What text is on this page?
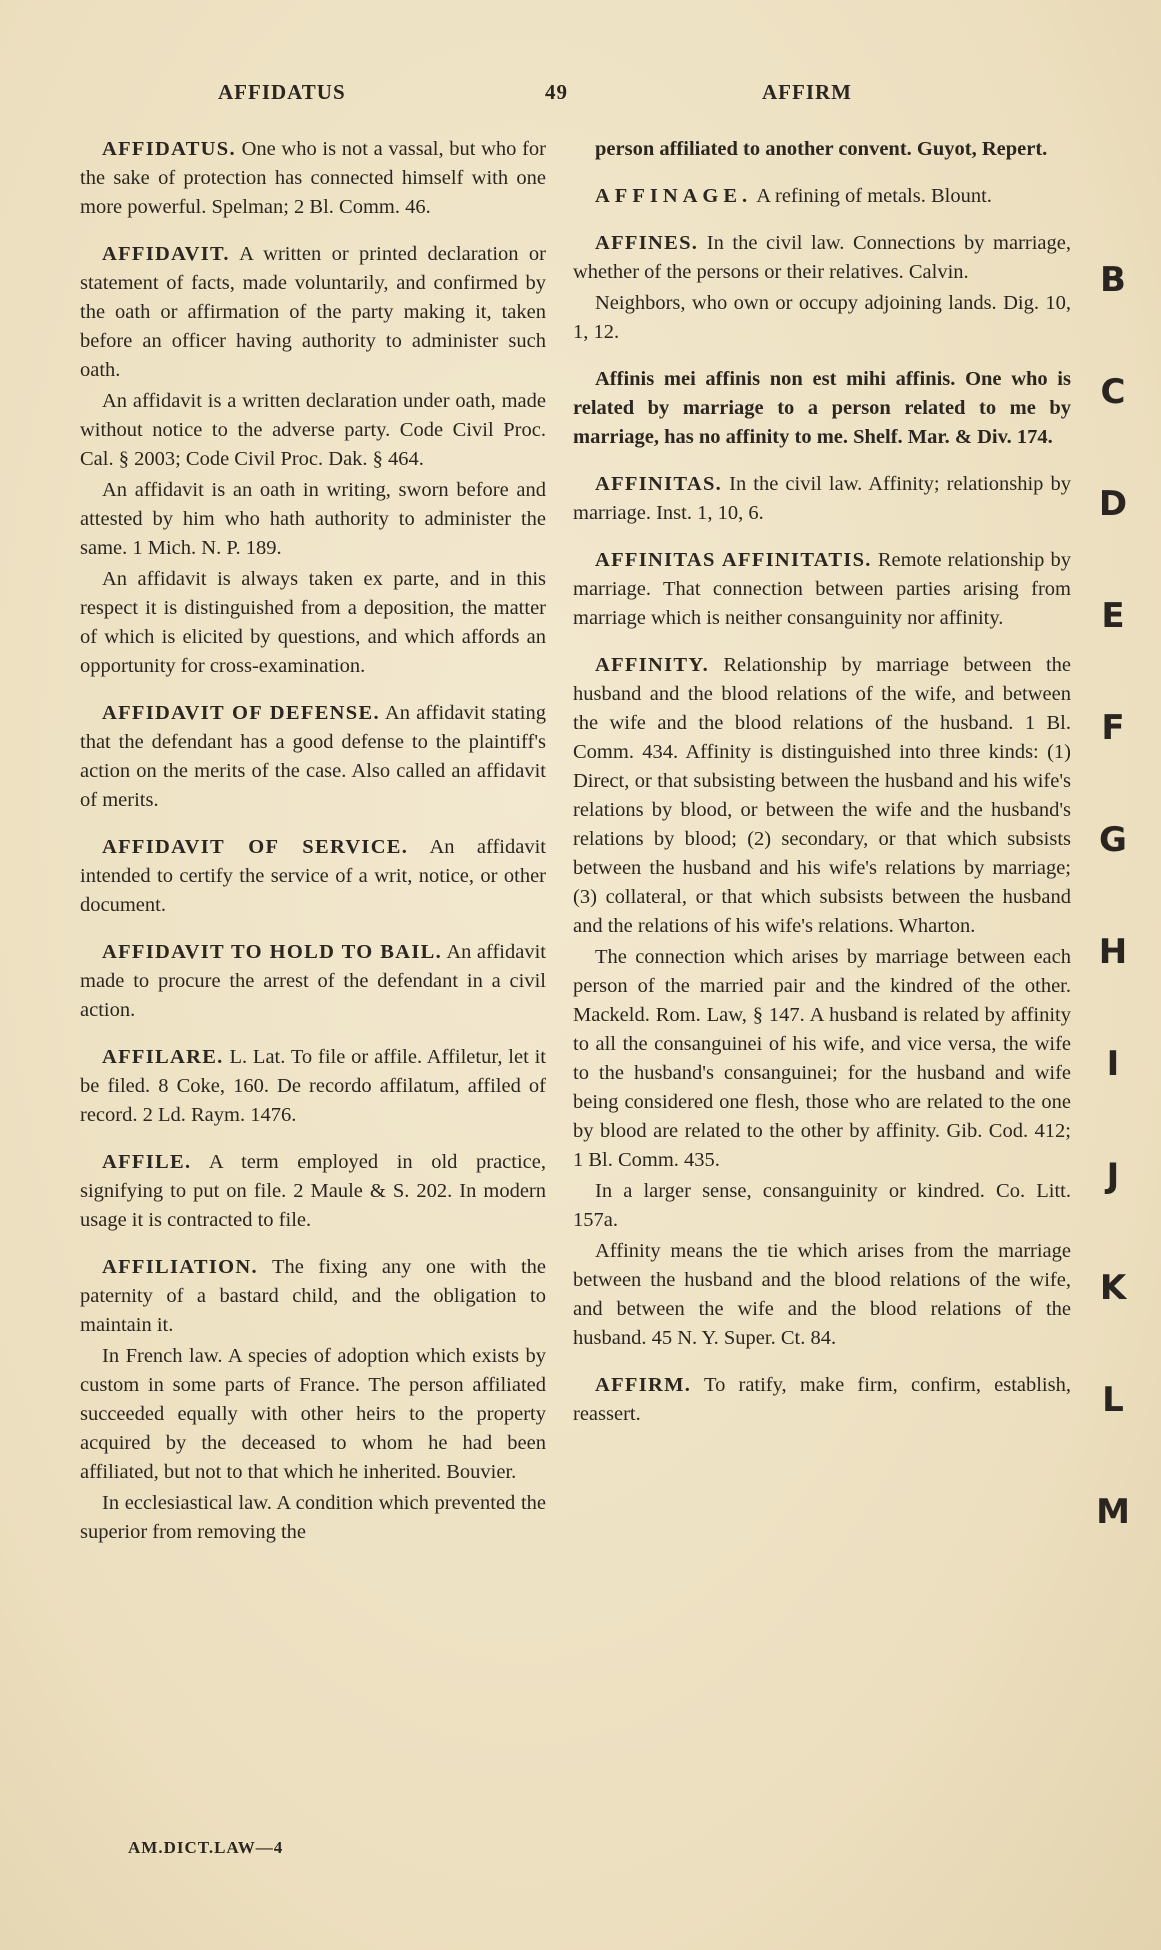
AFFIDATUS	49	AFFIRM

AFFIDATUS. One who is not a vassal, but who for the sake of protection has connected himself with one more powerful. Spelman; 2 Bl. Comm. 46.

AFFIDAVIT. A written or printed declaration or statement of facts, made voluntarily, and confirmed by the oath or affirmation of the party making it, taken before an officer having authority to administer such oath.

An affidavit is a written declaration under oath, made without notice to the adverse party. Code Civil Proc. Cal. § 2003; Code Civil Proc. Dak. § 464.

An affidavit is an oath in writing, sworn before and attested by him who hath authority to administer the same. 1 Mich. N. P. 189.

An affidavit is always taken ex parte, and in this respect it is distinguished from a deposition, the matter of which is elicited by questions, and which affords an opportunity for cross-examination.

AFFIDAVIT OF DEFENSE. An affidavit stating that the defendant has a good defense to the plaintiff's action on the merits of the case. Also called an affidavit of merits.

AFFIDAVIT OF SERVICE. An affidavit intended to certify the service of a writ, notice, or other document.

AFFIDAVIT TO HOLD TO BAIL. An affidavit made to procure the arrest of the defendant in a civil action.

AFFILARE. L. Lat. To file or affile. Affiletur, let it be filed. 8 Coke, 160. De recordo affilatum, affiled of record. 2 Ld. Raym. 1476.

AFFILE. A term employed in old practice, signifying to put on file. 2 Maule & S. 202. In modern usage it is contracted to file.

AFFILIATION. The fixing any one with the paternity of a bastard child, and the obligation to maintain it.

In French law. A species of adoption which exists by custom in some parts of France. The person affiliated succeeded equally with other heirs to the property acquired by the deceased to whom he had been affiliated, but not to that which he inherited. Bouvier.

In ecclesiastical law. A condition which prevented the superior from removing the

person affiliated to another convent. Guyot, Repert.

AFFINAGE. A refining of metals. Blount.

AFFINES. In the civil law. Connections by marriage, whether of the persons or their relatives. Calvin.

Neighbors, who own or occupy adjoining lands. Dig. 10, 1, 12.

Affinis mei affinis non est mihi affinis. One who is related by marriage to a person related to me by marriage, has no affinity to me. Shelf. Mar. & Div. 174.

AFFINITAS. In the civil law. Affinity; relationship by marriage. Inst. 1, 10, 6.

AFFINITAS AFFINITATIS. Remote relationship by marriage. That connection between parties arising from marriage which is neither consanguinity nor affinity.

AFFINITY. Relationship by marriage between the husband and the blood relations of the wife, and between the wife and the blood relations of the husband. 1 Bl. Comm. 434. Affinity is distinguished into three kinds: (1) Direct, or that subsisting between the husband and his wife's relations by blood, or between the wife and the husband's relations by blood; (2) secondary, or that which subsists between the husband and his wife's relations by marriage; (3) collateral, or that which subsists between the husband and the relations of his wife's relations. Wharton.

The connection which arises by marriage between each person of the married pair and the kindred of the other. Mackeld. Rom. Law, § 147. A husband is related by affinity to all the consanguinei of his wife, and vice versa, the wife to the husband's consanguinei; for the husband and wife being considered one flesh, those who are related to the one by blood are related to the other by affinity. Gib. Cod. 412; 1 Bl. Comm. 435.

In a larger sense, consanguinity or kindred. Co. Litt. 157a.

Affinity means the tie which arises from the marriage between the husband and the blood relations of the wife, and between the wife and the blood relations of the husband. 45 N. Y. Super. Ct. 84.

AFFIRM. To ratify, make firm, confirm, establish, reassert.

B
C
D
E
F
G
H
I
J
K
L
M
AM.DICT.LAW—4
